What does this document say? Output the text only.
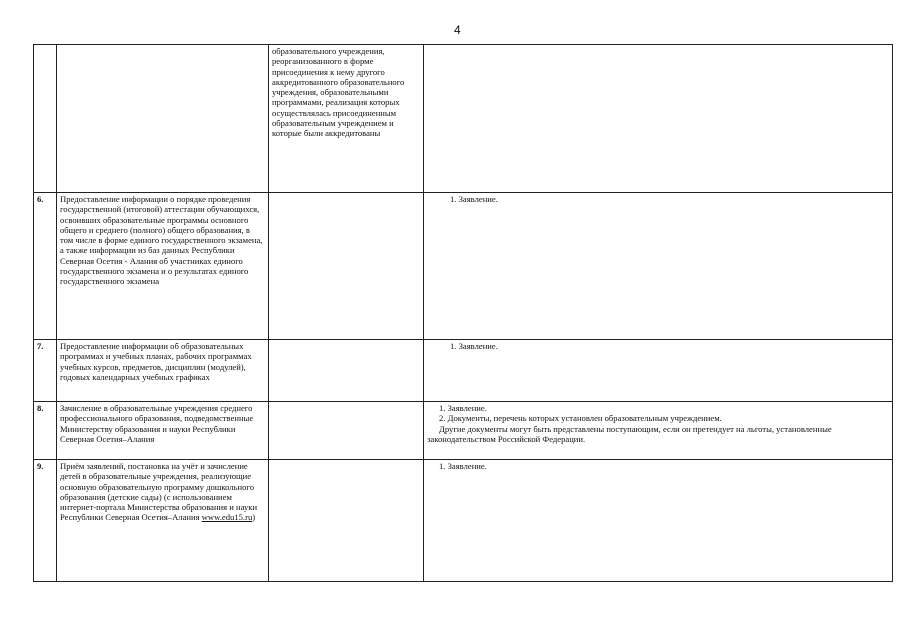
4
		образовательного учреждения, реорганизованного в форме присоединения к нему другого аккредитованного образовательного учреждения, образовательными программами, реализация которых осуществлялась присоединенным образовательным учреждением и которые были аккредитованы	
6.	Предоставление информации о порядке проведения государственной (итоговой) аттестации обучающихся, освоивших образовательные программы основного общего и среднего (полного) общего образования, в том числе в форме единого государственного экзамена, а также информации из баз данных Республики Северная Осетия - Алания об участниках единого государственного экзамена и о результатах единого государственного экзамена		1. Заявление.

7.	Предоставление информации об образовательных программах и учебных планах, рабочих программах учебных курсов, предметов, дисциплин (модулей), годовых календарных учебных графиках		1. Заявление.

8.	Зачисление в образовательные учреждения среднего профессионального образования, подведомственные Министерству образования и науки Республики Северная Осетия–Алания		1. Заявление.
2. Документы, перечень которых установлен образовательным учреждением.
Другие документы могут быть представлены поступающим, если он претендует на льготы, установленные законодательством Российской Федерации.

9.	Приём заявлений, постановка на учёт и зачисление детей в образовательные учреждения, реализующие основную образовательную программу дошкольного образования (детские сады) (с использованием интернет-портала Министерства образования и науки Республики Северная Осетия–Алания www.edu15.ru)		1. Заявление.
